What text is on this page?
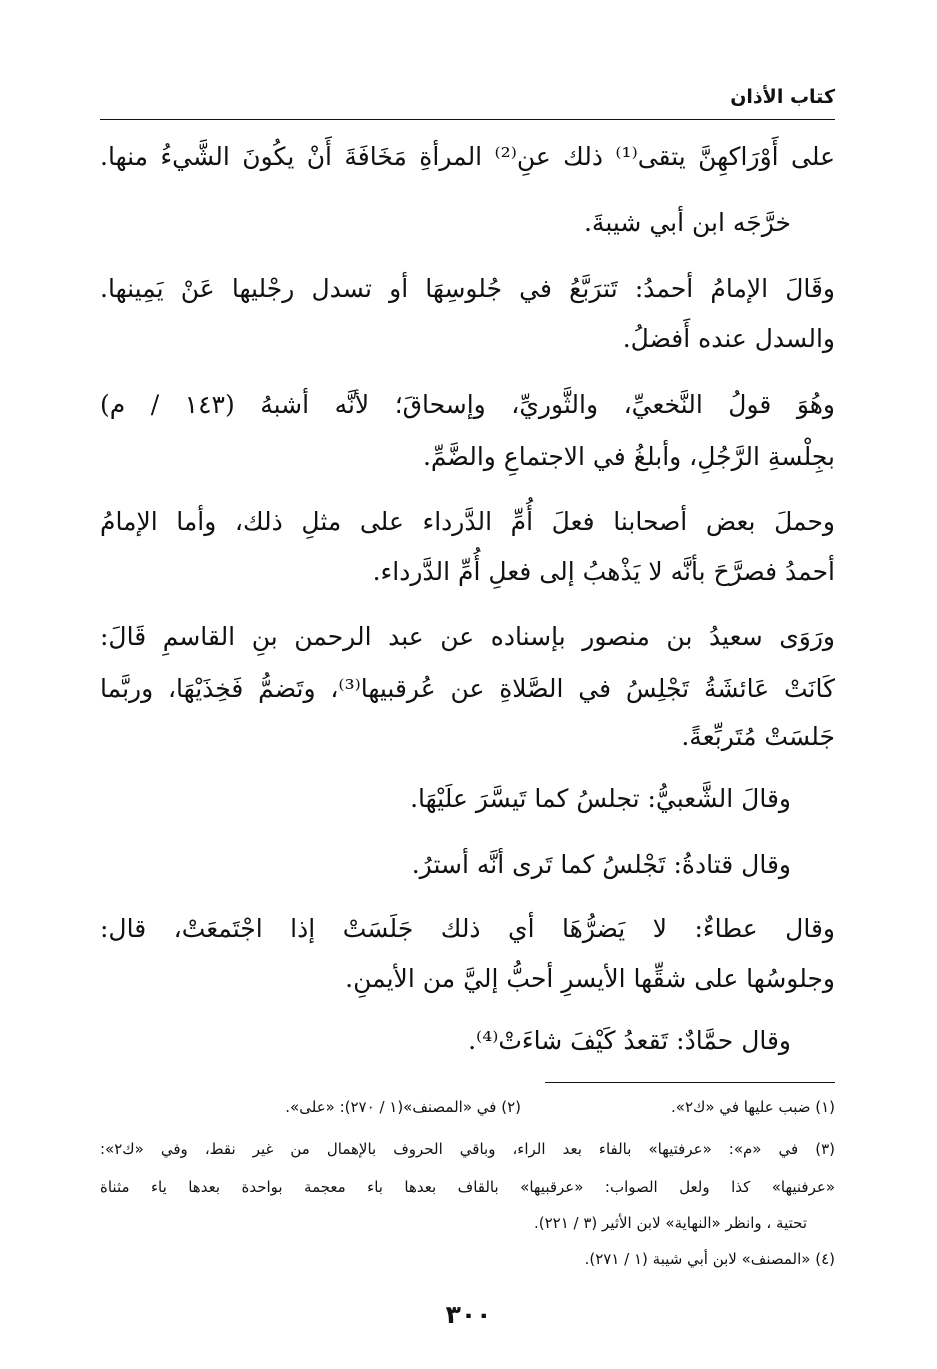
كتاب الأذان
على أَوْرَاكهِنَّ يتقى⁽¹⁾ ذلك عنِ⁽²⁾ المرأةِ مَخَافَةَ أَنْ يكُونَ الشَّيءُ منها.
خرَّجَه ابن أبي شيبةَ.
وقَالَ الإمامُ أحمدُ: تَترَبَّعُ في جُلوسِهَا أو تسدل رجْليها عَنْ يَمِينها.
والسدل عنده أَفضلُ.
وهُوَ قولُ النَّخعيِّ، والثَّوريِّ، وإسحاقَ؛ لأنَّه أشبهُ (١٤٣ / م)
بجِلْسةِ الرَّجُلِ، وأبلغُ في الاجتماعِ والضَّمِّ.
وحملَ بعض أصحابنا فعلَ أُمِّ الدَّرداء على مثلِ ذلك، وأما الإمامُ
أحمدُ فصرَّحَ بأنَّه لا يَذْهبُ إلى فعلِ أُمِّ الدَّرداء.
ورَوَى سعيدُ بن منصور بإسناده عن عبد الرحمن بنِ القاسمِ قَالَ:
كَانَتْ عَائشَةُ تَجْلِسُ في الصَّلاةِ عن عُرقبيها⁽³⁾، وتَضمُّ فَخِذَيْهَا، وربَّما
جَلسَتْ مُتَربِّعةً.
وقالَ الشَّعبيُّ: تجلسُ كما تَيسَّرَ علَيْهَا.
وقال قتادةُ: تَجْلسُ كما تَرى أنَّه أسترُ.
وقال عطاءٌ: لا يَضرُّهَا أي ذلك جَلَسَتْ إذا اجْتَمعَتْ، قال:
وجلوسُها على شقِّها الأيسرِ أحبُّ إليَّ من الأيمنِ.
وقال حمَّادٌ: تَقعدُ كَيْفَ شاءَتْ⁽⁴⁾.
(١) ضبب عليها في «ك٢».(٢) في «المصنف»(١ / ٢٧٠): «على».
(٣) في «م»: «عرفتيها» بالفاء بعد الراء، وباقي الحروف بالإهمال من غير نقط، وفي «ك٢»:
«عرفنيها» كذا ولعل الصواب: «عرقبيها» بالقاف بعدها باء معجمة بواحدة بعدها ياء مثناة
تحتية ، وانظر «النهاية» لابن الأثير (٣ / ٢٢١).
(٤) «المصنف» لابن أبي شيبة (١ / ٢٧١).
٣٠٠
